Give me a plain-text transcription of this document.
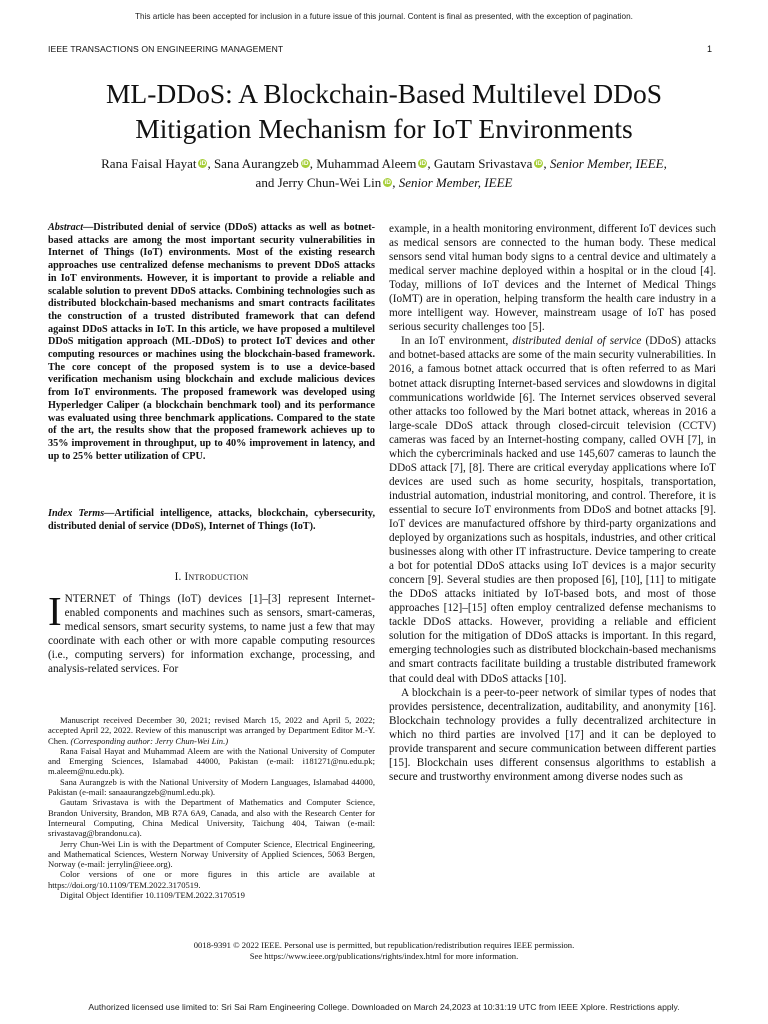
This article has been accepted for inclusion in a future issue of this journal. Content is final as presented, with the exception of pagination.
IEEE TRANSACTIONS ON ENGINEERING MANAGEMENT	1
ML-DDoS: A Blockchain-Based Multilevel DDoS
Mitigation Mechanism for IoT Environments
Rana Faisal Hayat iD, Sana Aurangzeb iD, Muhammad Aleem iD, Gautam Srivastava iD, Senior Member, IEEE,
and Jerry Chun-Wei Lin iD, Senior Member, IEEE
Abstract—Distributed denial of service (DDoS) attacks as well as botnet-based attacks are among the most important security vulnerabilities in Internet of Things (IoT) environments. Most of the existing research approaches use centralized defense mechanisms to prevent DDoS attacks in IoT environments. However, it is important to provide a reliable and scalable solution to prevent DDoS attacks. Combining technologies such as distributed blockchain-based mechanisms and smart contracts facilitates the construction of a trusted distributed framework that can defend against DDoS attacks in IoT. In this article, we have proposed a multilevel DDoS mitigation approach (ML-DDoS) to protect IoT devices and other computing resources or machines using the blockchain-based framework. The core concept of the proposed system is to use a device-based verification mechanism using blockchain and exclude malicious devices from IoT environments. The proposed framework was developed using Hyperledger Caliper (a blockchain benchmark tool) and its performance was evaluated using three benchmark applications. Compared to the state of the art, the results show that the proposed framework achieves up to 35% improvement in throughput, up to 40% improvement in latency, and up to 25% better utilization of CPU.
Index Terms—Artificial intelligence, attacks, blockchain, cybersecurity, distributed denial of service (DDoS), Internet of Things (IoT).
I. Introduction
INTERNET of Things (IoT) devices [1]–[3] represent Internet-enabled components and machines such as sensors, smart-cameras, medical sensors, smart security systems, to name just a few that may coordinate with each other or with more capable computing resources (i.e., computing servers) for information exchange, processing, and analysis-related services. For

Manuscript received December 30, 2021; revised March 15, 2022 and April 5, 2022; accepted April 22, 2022. Review of this manuscript was arranged by Department Editor M.-Y. Chen. (Corresponding author: Jerry Chun-Wei Lin.)

Rana Faisal Hayat and Muhammad Aleem are with the National University of Computer and Emerging Sciences, Islamabad 44000, Pakistan (e-mail: i181271@nu.edu.pk; m.aleem@nu.edu.pk).

Sana Aurangzeb is with the National University of Modern Languages, Islamabad 44000, Pakistan (e-mail: sanaaurangzeb@numl.edu.pk).

Gautam Srivastava is with the Department of Mathematics and Computer Science, Brandon University, Brandon, MB R7A 6A9, Canada, and also with the Research Center for Interneural Computing, China Medical University, Taichung 404, Taiwan (e-mail: srivastavag@brandonu.ca).

Jerry Chun-Wei Lin is with the Department of Computer Science, Electrical Engineering, and Mathematical Sciences, Western Norway University of Applied Sciences, 5063 Bergen, Norway (e-mail: jerrylin@ieee.org).

Color versions of one or more figures in this article are available at https://doi.org/10.1109/TEM.2022.3170519.

Digital Object Identifier 10.1109/TEM.2022.3170519

example, in a health monitoring environment, different IoT devices such as medical sensors are connected to the human body. These medical sensors send vital human body signs to a central device and ultimately a medical server machine deployed within a hospital or in the cloud [4]. Today, millions of IoT devices and the Internet of Medical Things (IoMT) are in operation, helping transform the health care industry in a more intelligent way. However, mainstream usage of IoT has posed serious security challenges too [5].

In an IoT environment, distributed denial of service (DDoS) attacks and botnet-based attacks are some of the main security vulnerabilities. In 2016, a famous botnet attack occurred that is often referred to as Mari botnet attack disrupting Internet-based services and slowdowns in digital communications worldwide [6]. The Internet services observed several other attacks too followed by the Mari botnet attack, whereas in 2016 a large-scale DDoS attack through closed-circuit television (CCTV) cameras was faced by an Internet-hosting company, called OVH [7], in which the cybercriminals hacked and use 145,607 cameras to launch the DDoS attack [7], [8]. There are critical everyday applications where IoT devices are used such as home security, hospitals, transportation, industrial automation, industrial monitoring, and control. Therefore, it is essential to secure IoT environments from DDoS and botnet attacks [9]. IoT devices are manufactured offshore by third-party organizations and deployed by organizations such as hospitals, industries, and other critical businesses along with other IT infrastructure. Device tampering to create a bot for potential DDoS attacks using IoT devices is a major security concern [9]. Several studies are then proposed [6], [10], [11] to mitigate the DDoS attacks initiated by IoT-based bots, and most of those approaches [12]–[15] often employ centralized defense mechanisms to tackle DDoS attacks. However, providing a reliable and efficient solution for the mitigation of DDoS attacks is important. In this regard, emerging technologies such as distributed blockchain-based mechanisms and smart contracts facilitate building a trustable distributed framework that could deal with DDoS attacks [10].

A blockchain is a peer-to-peer network of similar types of nodes that provides persistence, decentralization, auditability, and anonymity [16]. Blockchain technology provides a fully decentralized architecture in which no third parties are involved [17] and it can be deployed to provide transparent and secure communication between different parties [15]. Blockchain uses different consensus algorithms to establish a secure and trustworthy environment among diverse nodes such as

0018-9391 © 2022 IEEE. Personal use is permitted, but republication/redistribution requires IEEE permission.
See https://www.ieee.org/publications/rights/index.html for more information.
Authorized licensed use limited to: Sri Sai Ram Engineering College. Downloaded on March 24,2023 at 10:31:19 UTC from IEEE Xplore. Restrictions apply.
